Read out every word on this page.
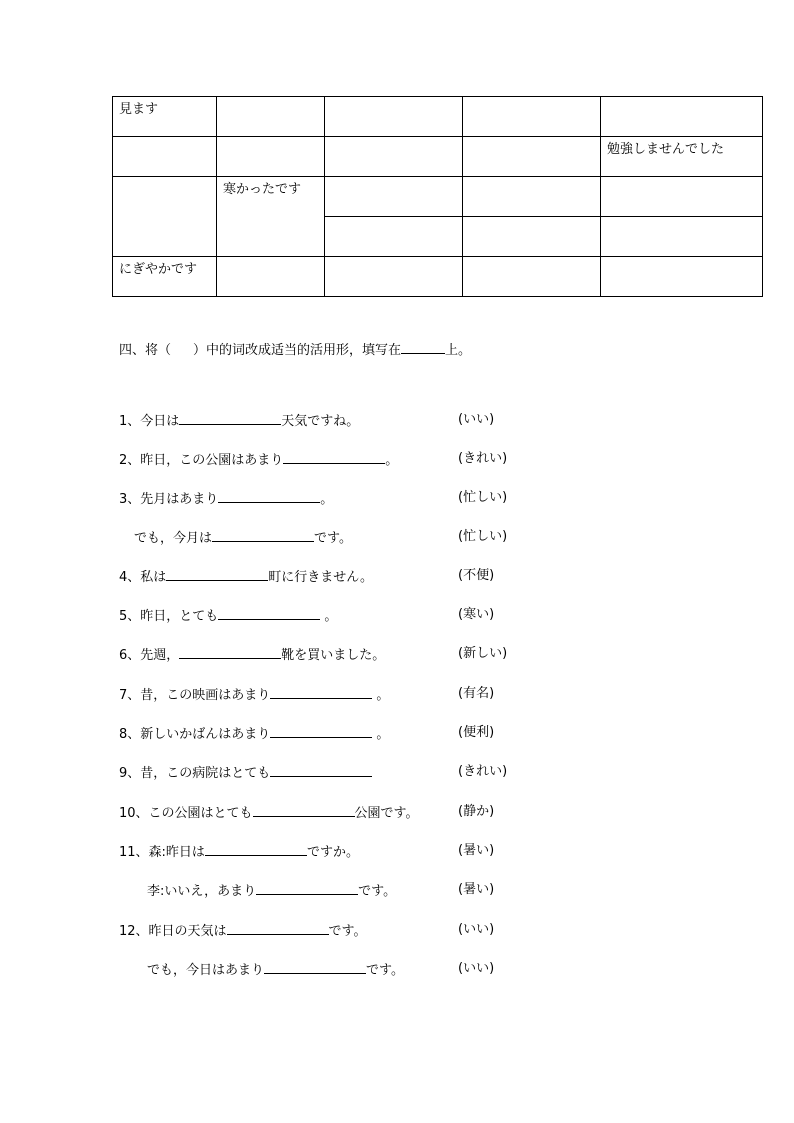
見ます				
				勉強しませんでした
	寒かったです			

にぎやかです				
四、将（ ）中的词改成适当的活用形，填写在	上。
1、今日は	天気ですね。	(いい)
2、昨日，この公園はあまり	。	(きれい)
3、先月はあまり	。	(忙しい)
でも，今月は	です。	(忙しい)
4、私は	町に行きません。	(不便)
5、昨日，とても	。	(寒い)
6、先週，	靴を買いました。	(新しい)
7、昔，この映画はあまり	。	(有名)
8、新しいかばんはあまり	。	(便利)
9、昔，この病院はとても	(きれい)
10、この公園はとても	公園です。	(静か)
11、森:昨日は	ですか。	(暑い)
李:いいえ，あまり	です。	(暑い)
12、昨日の天気は	です。	(いい)
でも，今日はあまり	です。	(いい)
